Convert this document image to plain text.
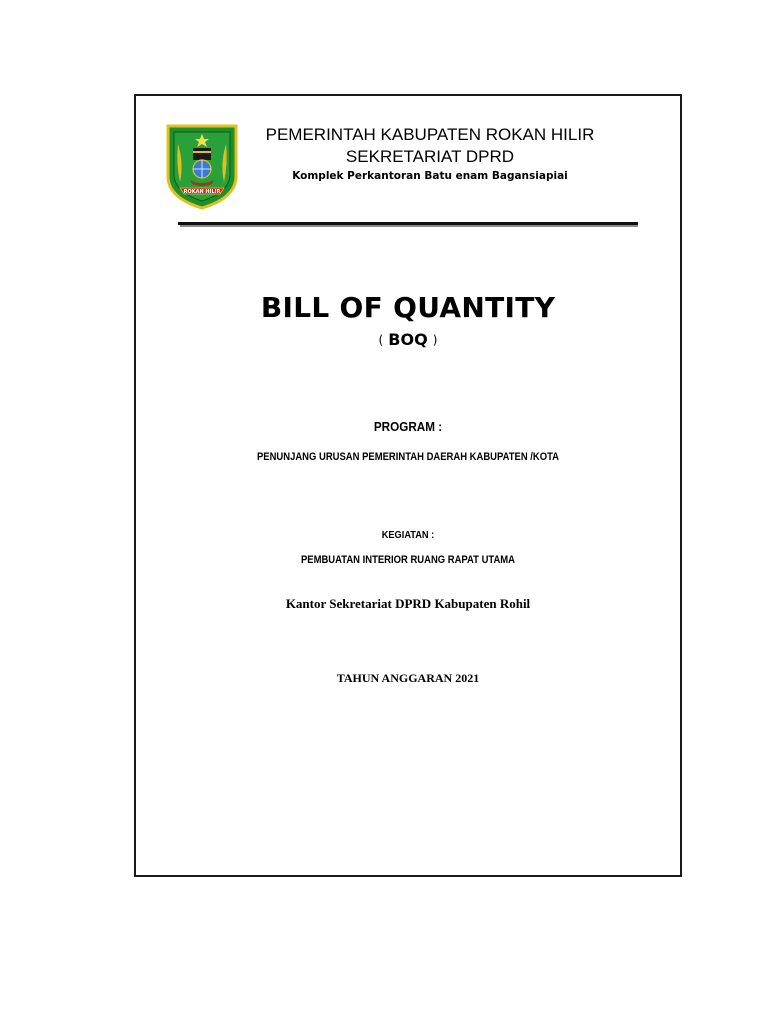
ROKAN HILIR
PEMERINTAH KABUPATEN ROKAN HILIR
SEKRETARIAT DPRD
Komplek Perkantoran Batu enam Bagansiapiai
BILL OF QUANTITY
( BOQ )
PROGRAM :
PENUNJANG URUSAN PEMERINTAH DAERAH KABUPATEN /KOTA
KEGIATAN :
PEMBUATAN INTERIOR RUANG RAPAT UTAMA
Kantor Sekretariat DPRD Kabupaten Rohil
TAHUN ANGGARAN 2021
